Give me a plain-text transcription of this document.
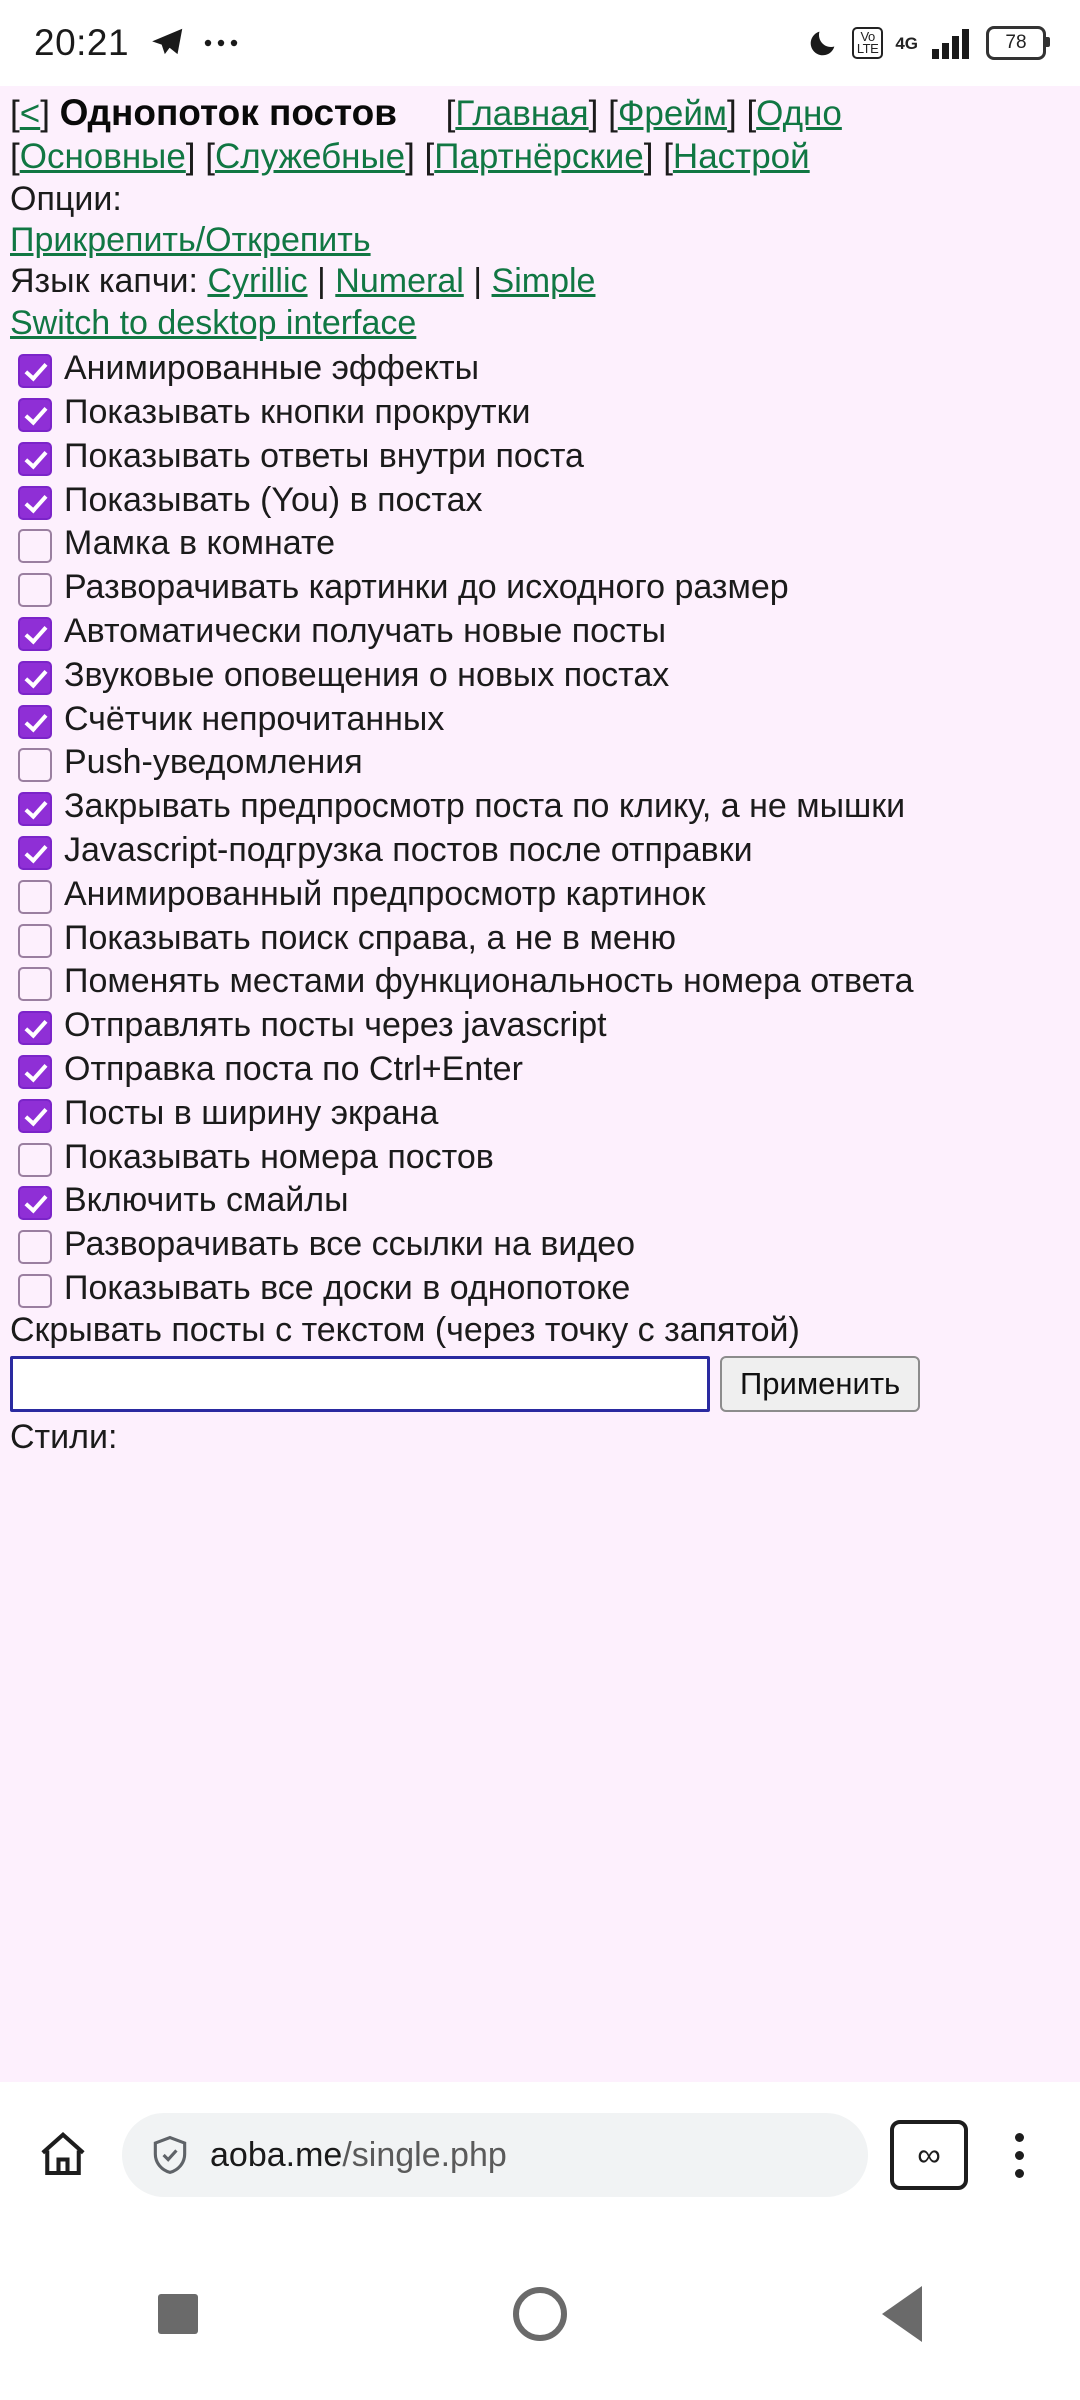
20:21	Vo
LTE 4G	78
[<] Однопоток постов [Главная] [Фрейм] [Одно
[Основные] [Служебные] [Партнёрские] [Настрой
Опции:
Прикрепить/Открепить
Язык капчи: Cyrillic | Numeral | Simple
Switch to desktop interface
Анимированные эффекты
Показывать кнопки прокрутки
Показывать ответы внутри поста
Показывать (You) в постах
Мамка в комнате
Разворачивать картинки до исходного размер
Автоматически получать новые посты
Звуковые оповещения о новых постах
Счётчик непрочитанных
Push-уведомления
Закрывать предпросмотр поста по клику, а не мышки
Javascript-подгрузка постов после отправки
Анимированный предпросмотр картинок
Показывать поиск справа, а не в меню
Поменять местами функциональность номера ответа
Отправлять посты через javascript
Отправка поста по Ctrl+Enter
Посты в ширину экрана
Показывать номера постов
Включить смайлы
Разворачивать все ссылки на видео
Показывать все доски в однопотоке
Скрывать посты с текстом (через точку с запятой)
Применить
Стили:
aoba.me/single.php	∞
